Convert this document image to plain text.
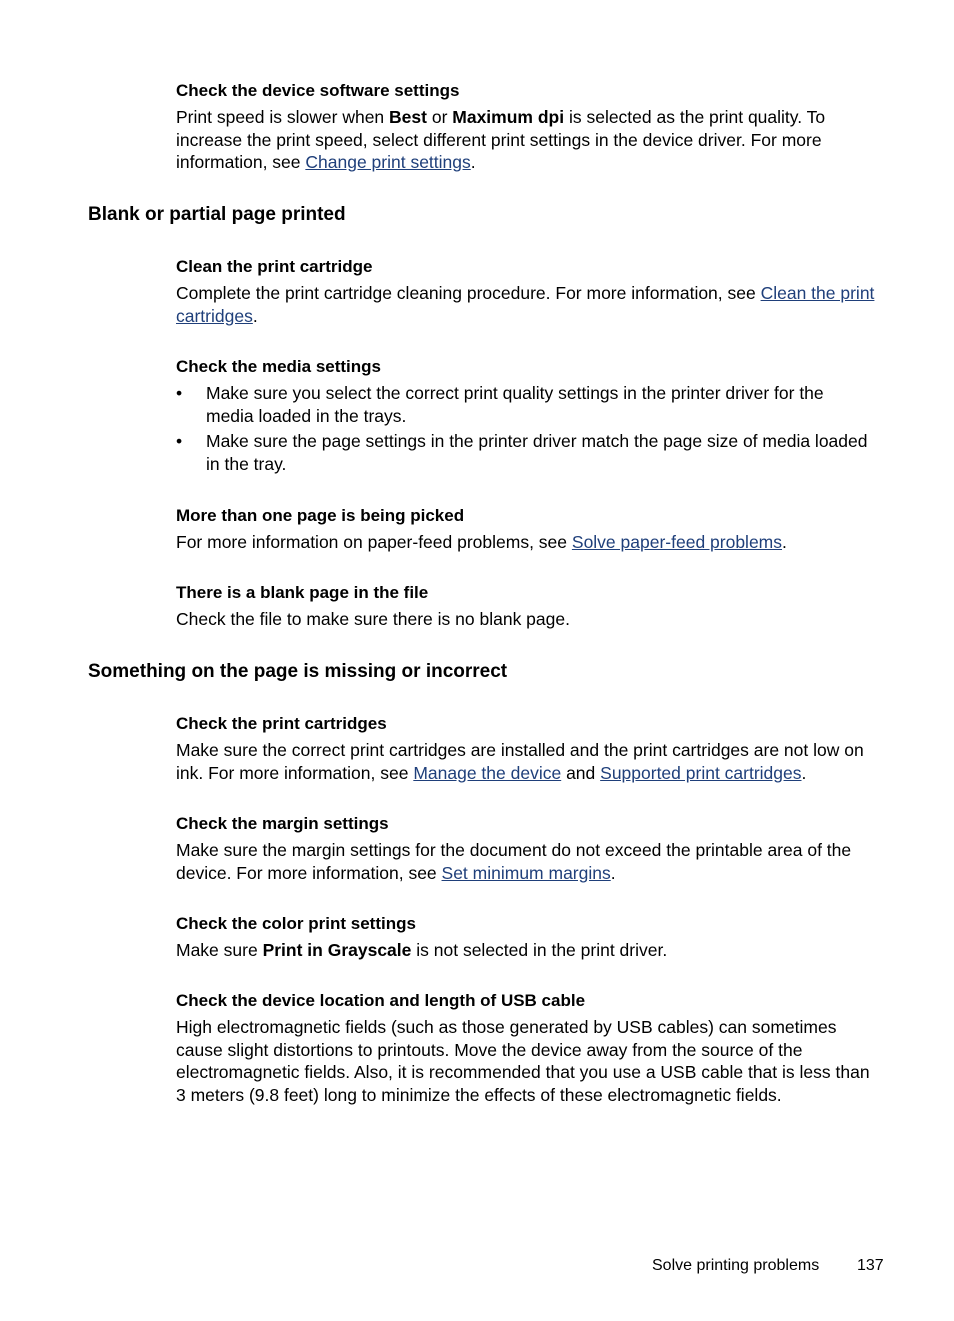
Check the device software settings

Print speed is slower when Best or Maximum dpi is selected as the print quality. To increase the print speed, select different print settings in the device driver. For more information, see Change print settings.

Blank or partial page printed
Clean the print cartridge

Complete the print cartridge cleaning procedure. For more information, see Clean the print cartridges.

Check the media settings
• Make sure you select the correct print quality settings in the printer driver for the media loaded in the trays.
• Make sure the page settings in the printer driver match the page size of media loaded in the tray.
More than one page is being picked

For more information on paper-feed problems, see Solve paper-feed problems.

There is a blank page in the file

Check the file to make sure there is no blank page.

Something on the page is missing or incorrect
Check the print cartridges

Make sure the correct print cartridges are installed and the print cartridges are not low on ink. For more information, see Manage the device and Supported print cartridges.

Check the margin settings

Make sure the margin settings for the document do not exceed the printable area of the device. For more information, see Set minimum margins.

Check the color print settings

Make sure Print in Grayscale is not selected in the print driver.

Check the device location and length of USB cable

High electromagnetic fields (such as those generated by USB cables) can sometimes cause slight distortions to printouts. Move the device away from the source of the electromagnetic fields. Also, it is recommended that you use a USB cable that is less than 3 meters (9.8 feet) long to minimize the effects of these electromagnetic fields.

Solve printing problems 137
